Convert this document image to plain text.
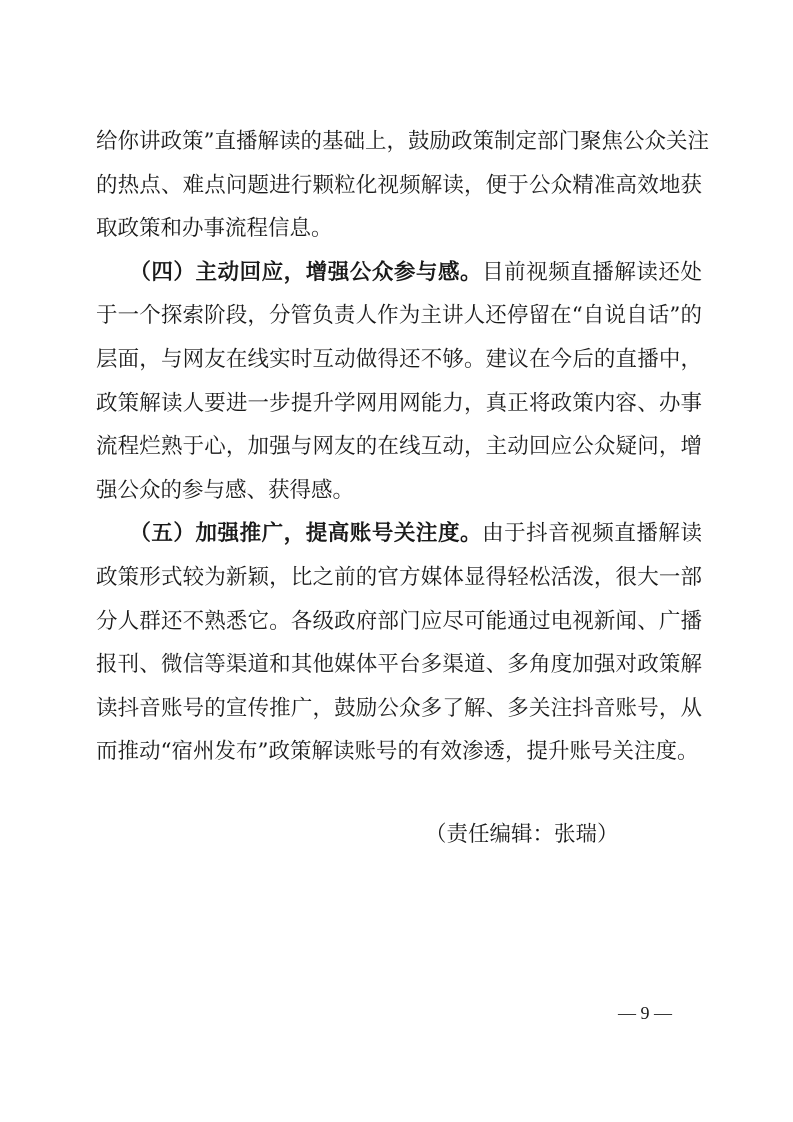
给你讲政策”直播解读的基础上，鼓励政策制定部门聚焦公众关注
的热点、难点问题进行颗粒化视频解读，便于公众精准高效地获
取政策和办事流程信息。
　　（四）主动回应，增强公众参与感。目前视频直播解读还处
于一个探索阶段，分管负责人作为主讲人还停留在“自说自话”的
层面，与网友在线实时互动做得还不够。建议在今后的直播中，
政策解读人要进一步提升学网用网能力，真正将政策内容、办事
流程烂熟于心，加强与网友的在线互动，主动回应公众疑问，增
强公众的参与感、获得感。
　　（五）加强推广，提高账号关注度。由于抖音视频直播解读
政策形式较为新颖，比之前的官方媒体显得轻松活泼，很大一部
分人群还不熟悉它。各级政府部门应尽可能通过电视新闻、广播
报刊、微信等渠道和其他媒体平台多渠道、多角度加强对政策解
读抖音账号的宣传推广，鼓励公众多了解、多关注抖音账号，从
而推动“宿州发布”政策解读账号的有效渗透，提升账号关注度。
（责任编辑：张瑞）
— 9 —
